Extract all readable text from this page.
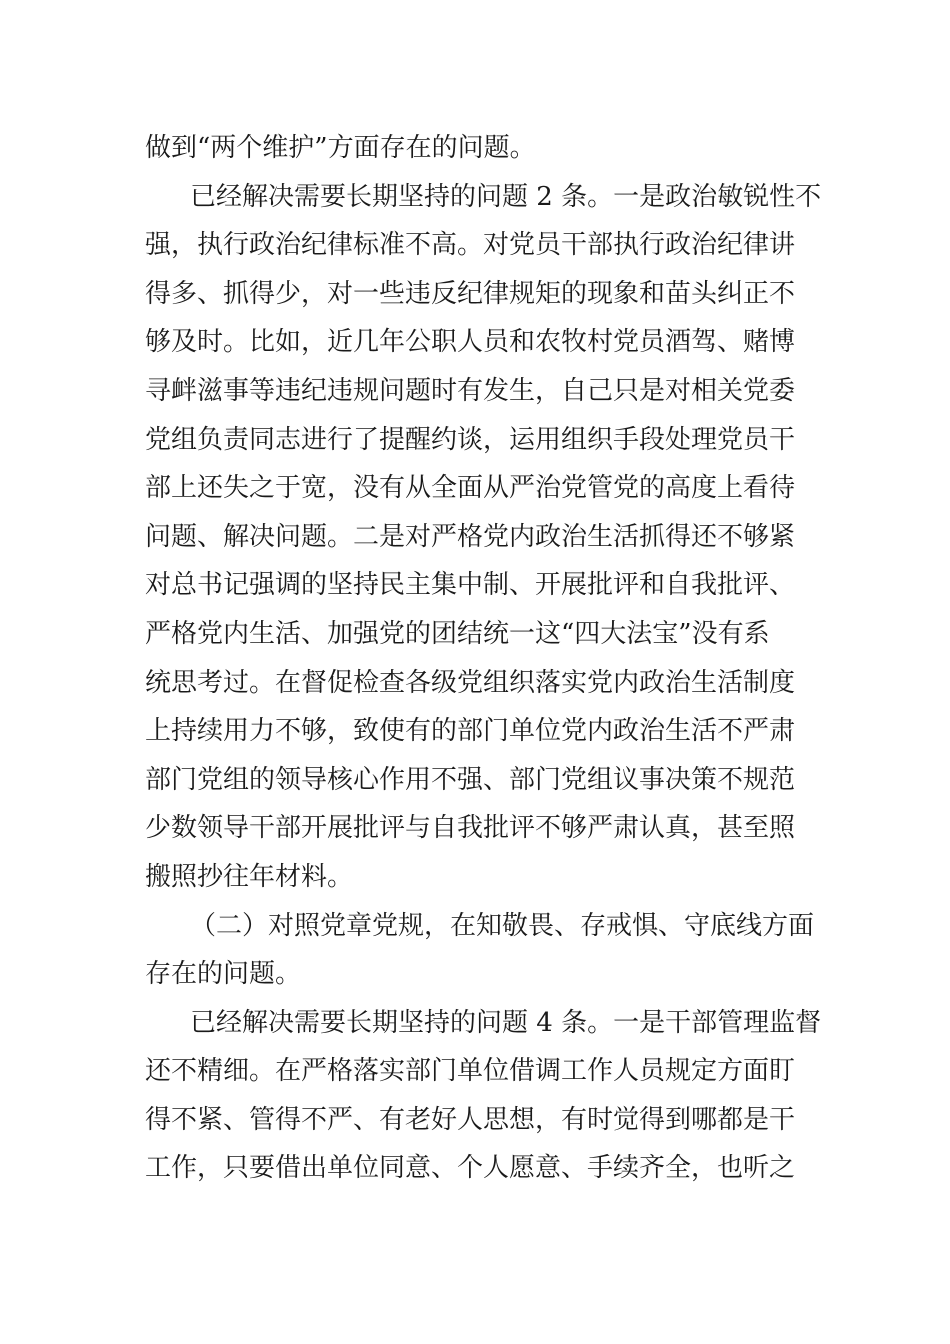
做到“两个维护”方面存在的问题。
已经解决需要长期坚持的问题 2 条。一是政治敏锐性不
强，执行政治纪律标准不高。对党员干部执行政治纪律讲
得多、抓得少，对一些违反纪律规矩的现象和苗头纠正不
够及时。比如，近几年公职人员和农牧村党员酒驾、赌博
寻衅滋事等违纪违规问题时有发生，自己只是对相关党委
党组负责同志进行了提醒约谈，运用组织手段处理党员干
部上还失之于宽，没有从全面从严治党管党的高度上看待
问题、解决问题。二是对严格党内政治生活抓得还不够紧
对总书记强调的坚持民主集中制、开展批评和自我批评、
严格党内生活、加强党的团结统一这“四大法宝”没有系
统思考过。在督促检查各级党组织落实党内政治生活制度
上持续用力不够，致使有的部门单位党内政治生活不严肃
部门党组的领导核心作用不强、部门党组议事决策不规范
少数领导干部开展批评与自我批评不够严肃认真，甚至照
搬照抄往年材料。
（二）对照党章党规，在知敬畏、存戒惧、守底线方面
存在的问题。
已经解决需要长期坚持的问题 4 条。一是干部管理监督
还不精细。在严格落实部门单位借调工作人员规定方面盯
得不紧、管得不严、有老好人思想，有时觉得到哪都是干
工作，只要借出单位同意、个人愿意、手续齐全，也听之
